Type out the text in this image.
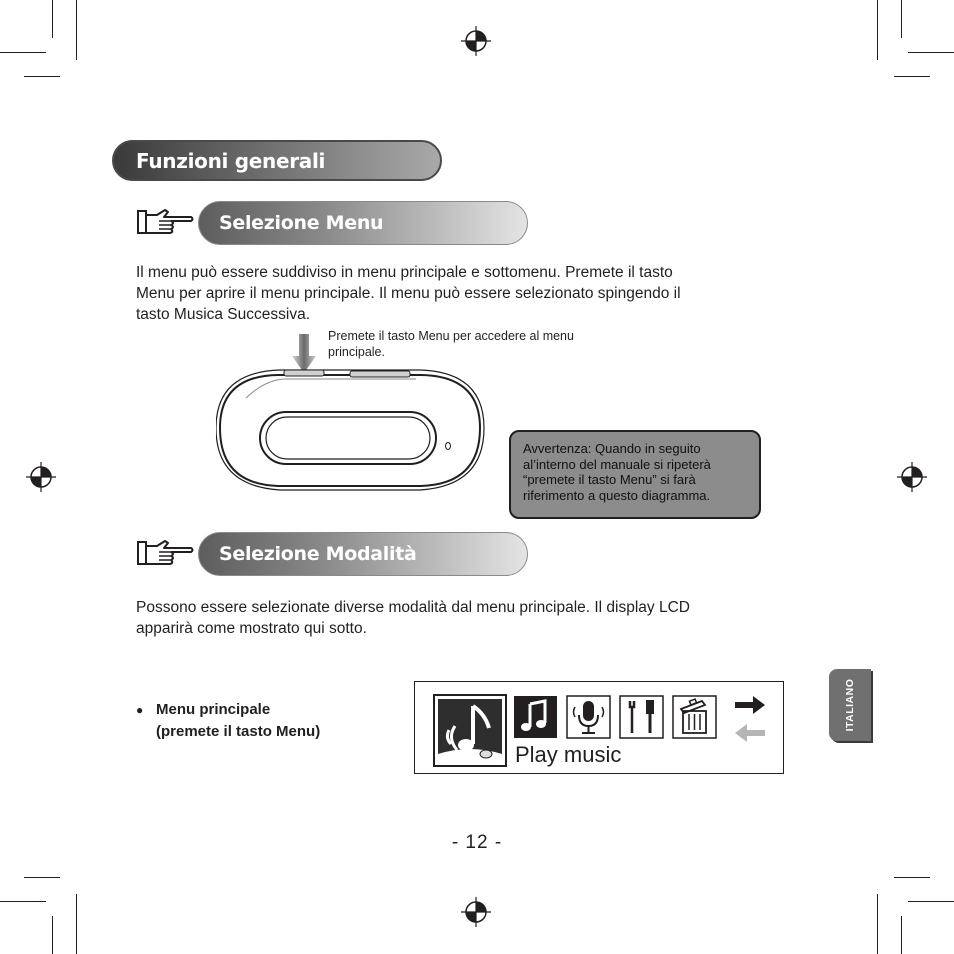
Funzioni generali
Selezione Menu
Il menu può essere suddiviso in menu principale e sottomenu. Premete il tasto
Menu per aprire il menu principale. Il menu può essere selezionato spingendo il
tasto Musica Successiva.
Premete il tasto Menu per accedere al menu
principale.
Avvertenza: Quando in seguito
al’interno del manuale si ripeterà
“premete il tasto Menu” si farà
riferimento a questo diagramma.
Selezione Modalità
Possono essere selezionate diverse modalità dal menu principale. Il display LCD
apparirà come mostrato qui sotto.
● Menu principale
(premete il tasto Menu)
Play music
ITALIANO
- 12 -
